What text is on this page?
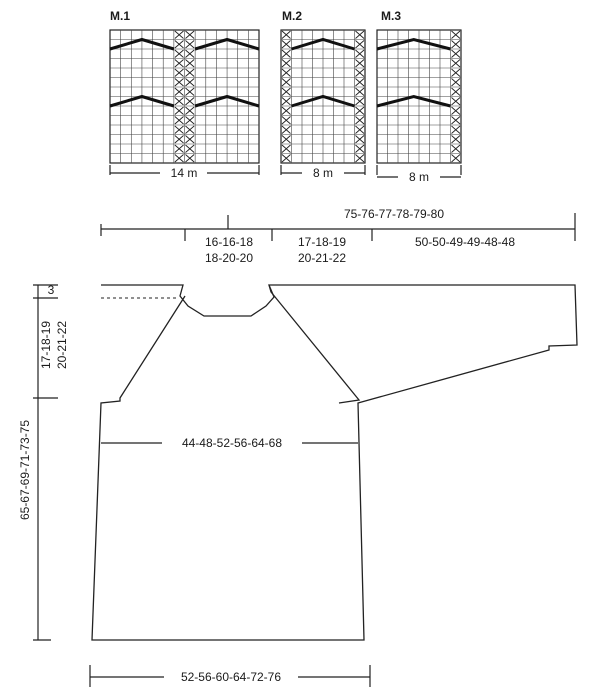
M.1
14 m
M.2
8 m
M.3
8 m
75-76-77-78-79-80
16-16-18
18-20-20
17-18-19
20-21-22
50-50-49-49-48-48
3
17-18-19 20-21-22
65-67-69-71-73-75	44-48-52-56-64-68
52-56-60-64-72-76
